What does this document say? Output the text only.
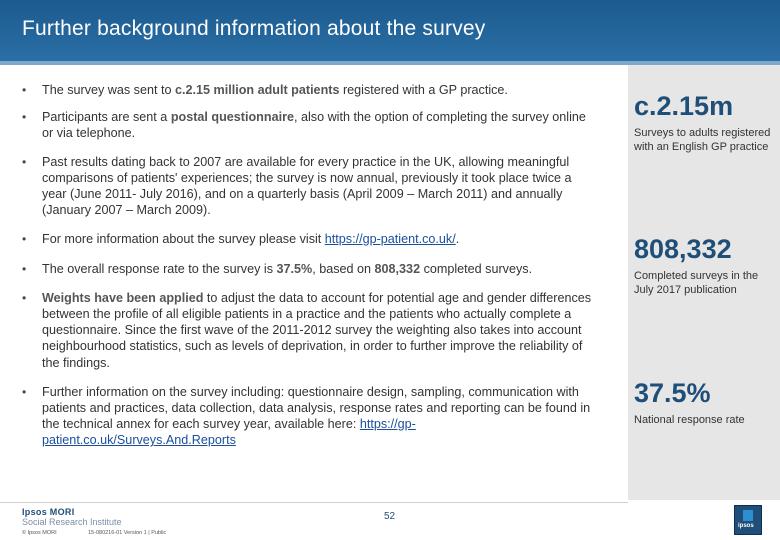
Further background information about the survey
• The survey was sent to c.2.15 million adult patients registered with a GP practice.

• Participants are sent a postal questionnaire, also with the option of completing the survey online or via telephone.

• Past results dating back to 2007 are available for every practice in the UK, allowing meaningful comparisons of patients' experiences; the survey is now annual, previously it took place twice a year (June 2011- July 2016), and on a quarterly basis (April 2009 – March 2011) and annually (January 2007 – March 2009).

• For more information about the survey please visit https://gp-patient.co.uk/.

• The overall response rate to the survey is 37.5%, based on 808,332 completed surveys.

• Weights have been applied to adjust the data to account for potential age and gender differences between the profile of all eligible patients in a practice and the patients who actually complete a questionnaire. Since the first wave of the 2011-2012 survey the weighting also takes into account neighbourhood statistics, such as levels of deprivation, in order to further improve the reliability of the findings.

• Further information on the survey including: questionnaire design, sampling, communication with patients and practices, data collection, data analysis, response rates and reporting can be found in the technical annex for each survey year, available here: https://gp-patient.co.uk/Surveys.And.Reports

c.2.15m
Surveys to adults registered with an English GP practice
808,332
Completed surveys in the July 2017 publication
37.5%
National response rate
Ipsos MORI
Social Research Institute
© Ipsos MORI	15-080216-01 Version 1 | Public
52
ipsos
